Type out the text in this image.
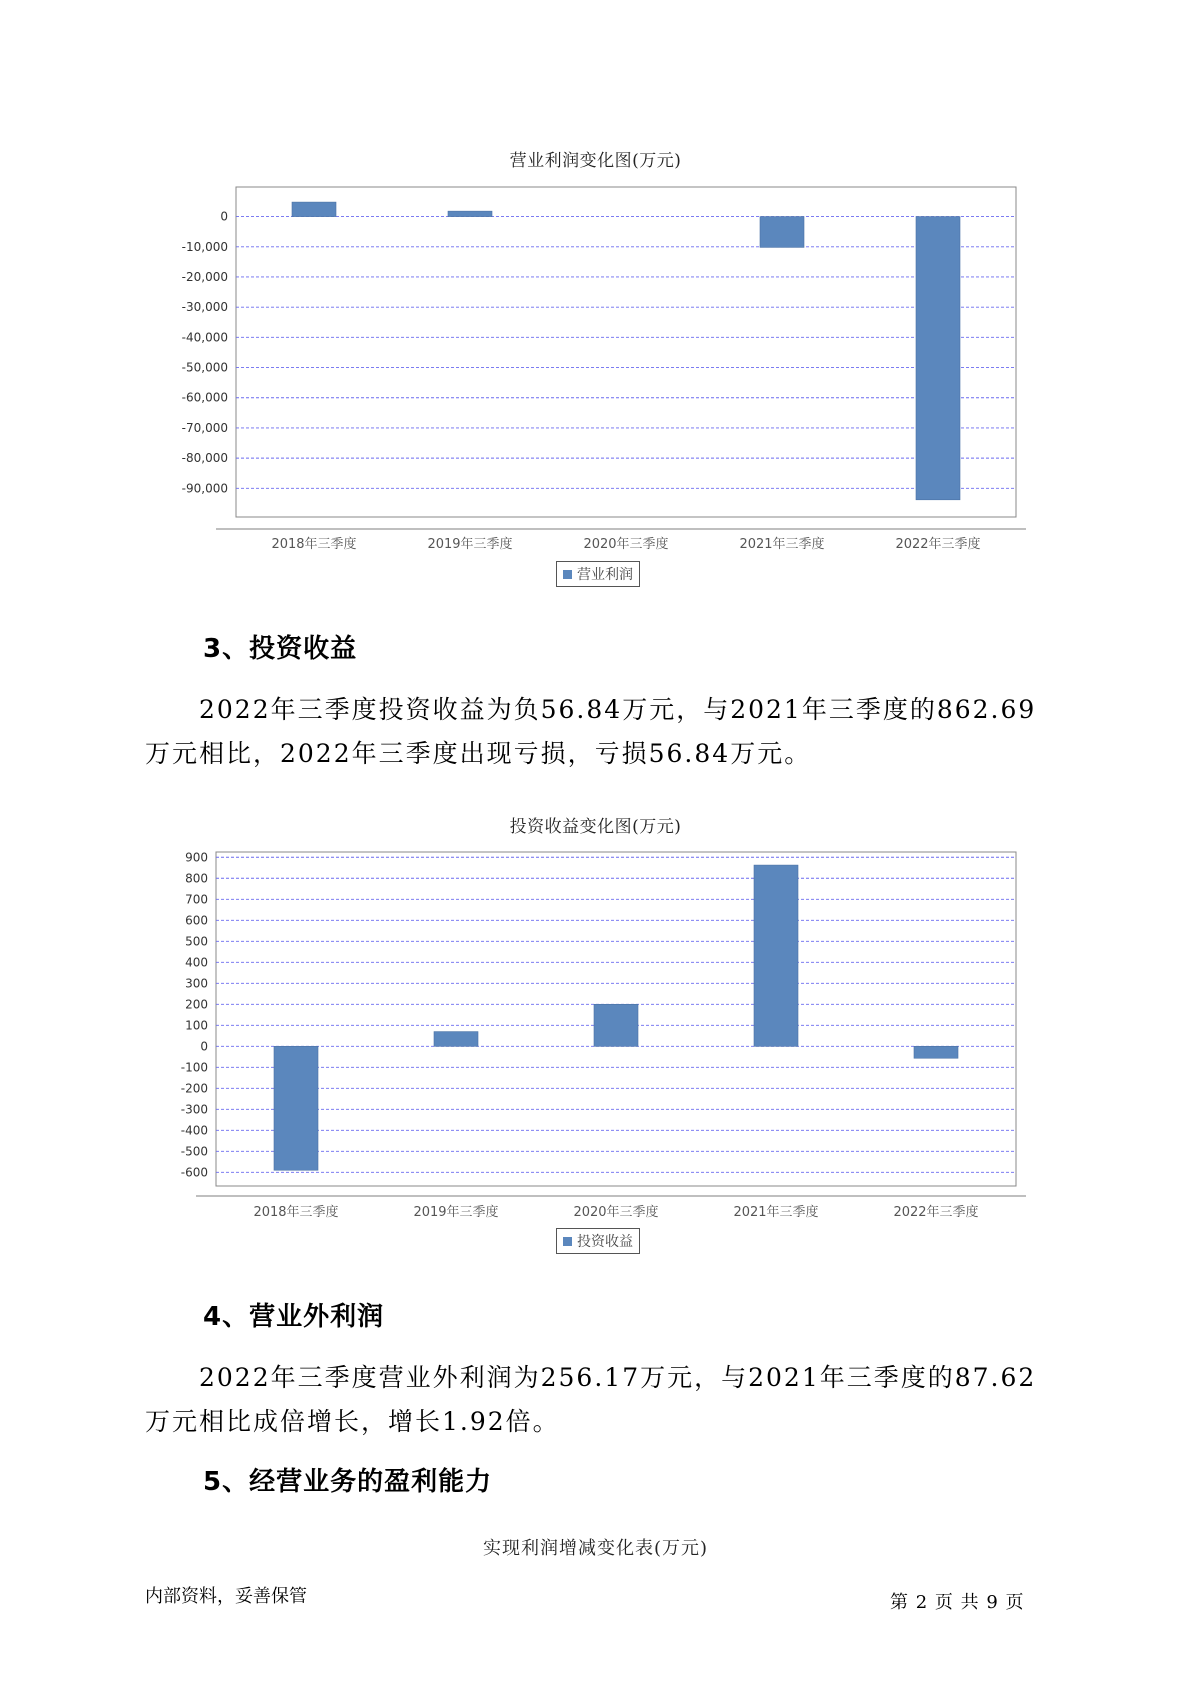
营业利润变化图(万元)
0
-10,000
-20,000
-30,000
-40,000
-50,000
-60,000
-70,000
-80,000
-90,000
2018年三季度	2019年三季度	2020年三季度	2021年三季度	2022年三季度
营业利润
3、投资收益

2022年三季度投资收益为负56.84万元，与2021年三季度的862.69万元相比，2022年三季度出现亏损，亏损56.84万元。

投资收益变化图(万元)
900
800
700
600
500
400
300
200
100
0
-100
-200
-300
-400
-500
-600
2018年三季度	2019年三季度	2020年三季度	2021年三季度	2022年三季度
投资收益
4、营业外利润

2022年三季度营业外利润为256.17万元，与2021年三季度的87.62万元相比成倍增长，增长1.92倍。

5、经营业务的盈利能力
实现利润增减变化表(万元)
内部资料，妥善保管	第 2 页 共 9 页
